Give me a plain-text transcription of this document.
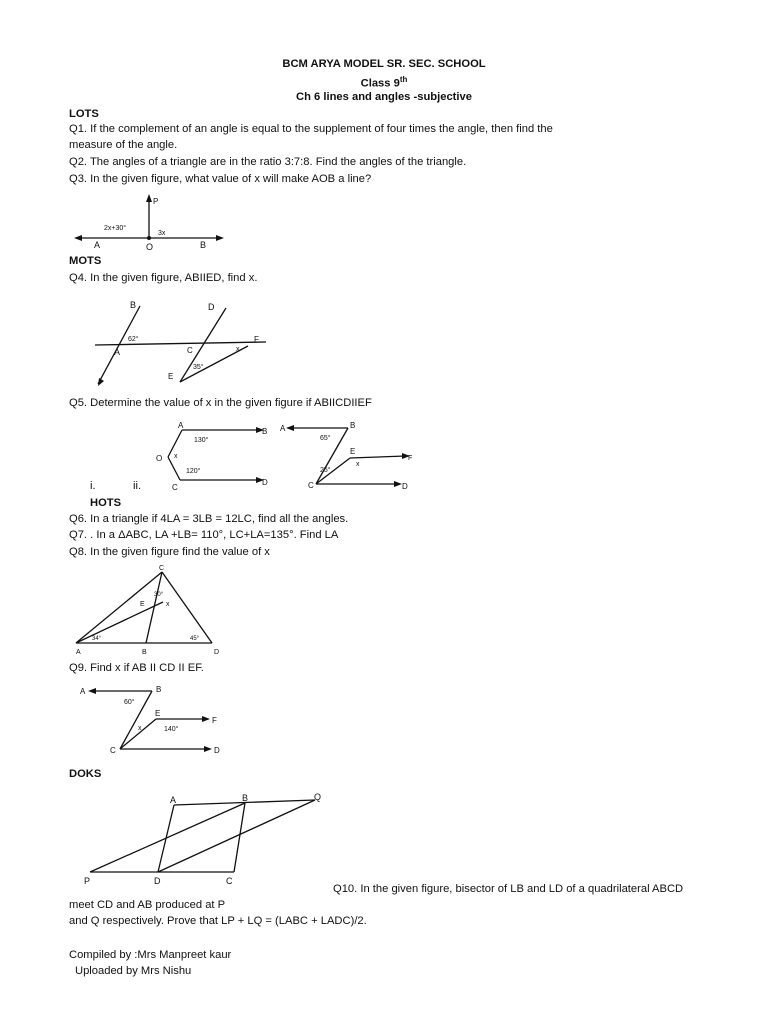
BCM ARYA MODEL SR. SEC. SCHOOL
Class 9th
Ch 6 lines and angles -subjective
LOTS
Q1. If the complement of an angle is equal to the supplement of four times the angle, then find the
measure of the angle.
Q2. The angles of a triangle are in the ratio 3:7:8. Find the angles of the triangle.
Q3. In the given figure, what value of x will make AOB a line?
A	O	B
P
2x+30°
3x
MOTS
Q4. In the given figure, ABIIED, find x.
B	D
A	C
E
F
62°
35°
x
Q5. Determine the value of x in the given figure if ABIICDIIEF
A
B
O
C
D
130°
120°
x
A	B
E
F
C	D
65°
25°
x
i.	ii.
HOTS
Q6. In a triangle if 4LA = 3LB = 12LC, find all the angles.
Q7. . In a ΔABC, LA +LB= 110°, LC+LA=135°. Find LA
Q8. In the given figure find the value of x
C
E
A	B	D
30°
x
34°	45°
Q9. Find x if AB II CD II EF.
A	B
E
F
C	D
60°
x	140°
DOKS
A	B	Q
P	D	C
Q10. In the given figure, bisector of LB and LD of a quadrilateral ABCD
meet CD and AB produced at P
and Q respectively. Prove that LP + LQ = (LABC + LADC)/2.
Compiled by :Mrs Manpreet kaur
Uploaded by Mrs Nishu
